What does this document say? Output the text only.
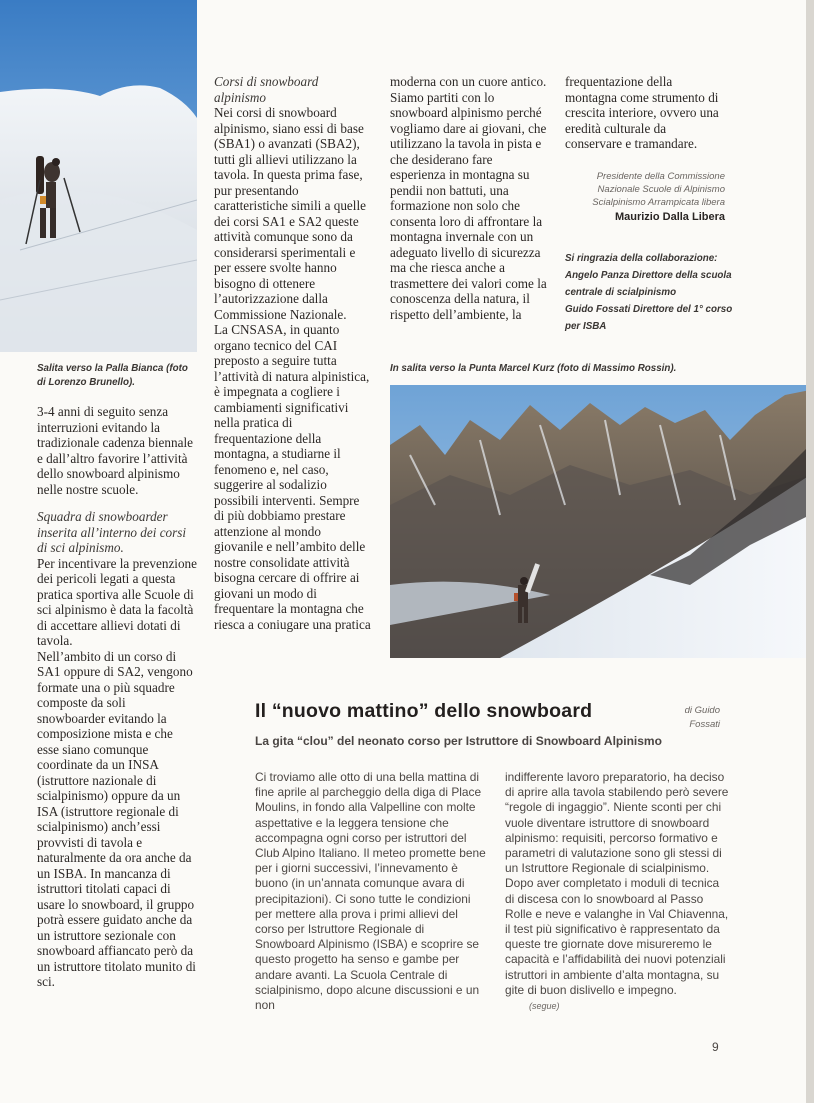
Salita verso la Palla Bianca (foto di Lorenzo Brunello).

3-4 anni di seguito senza interruzioni evitando la tradizionale cadenza biennale e dall’altro favorire l’attività dello snowboard alpinismo nelle nostre scuole.

Squadra di snowboarder inserita all’interno dei corsi di sci alpinismo.
Per incentivare la prevenzione dei pericoli legati a questa pratica sportiva alle Scuole di sci alpinismo è data la facoltà di accettare allievi dotati di tavola.
Nell’ambito di un corso di SA1 oppure di SA2, vengono formate una o più squadre composte da soli snowboarder evitando la composizione mista e che esse siano comunque coordinate da un INSA (istruttore nazionale di scialpinismo) oppure da un ISA (istruttore regionale di scialpinismo) anch’essi provvisti di tavola e naturalmente da ora anche da un ISBA. In mancanza di istruttori titolati capaci di usare lo snowboard, il gruppo potrà essere guidato anche da un istruttore sezionale con snowboard affiancato però da un istruttore titolato munito di sci.
Corsi di snowboard alpinismo
Nei corsi di snowboard alpinismo, siano essi di base (SBA1) o avanzati (SBA2), tutti gli allievi utilizzano la tavola. In questa prima fase, pur presentando caratteristiche simili a quelle dei corsi SA1 e SA2 queste attività comunque sono da considerarsi sperimentali e per essere svolte hanno bisogno di ottenere l’autorizzazione dalla Commissione Nazionale.
La CNSASA, in quanto organo tecnico del CAI preposto a seguire tutta l’attività di natura alpinistica, è impegnata a cogliere i cambiamenti significativi nella pratica di frequentazione della montagna, a studiarne il fenomeno e, nel caso, suggerire al sodalizio possibili interventi. Sempre di più dobbiamo prestare attenzione al mondo giovanile e nell’ambito delle nostre consolidate attività bisogna cercare di offrire ai giovani un modo di frequentare la montagna che riesca a coniugare una pratica
moderna con un cuore antico. Siamo partiti con lo snowboard alpinismo perché vogliamo dare ai giovani, che utilizzano la tavola in pista e che desiderano fare esperienza in montagna su pendii non battuti, una formazione non solo che consenta loro di affrontare la montagna invernale con un adeguato livello di sicurezza ma che riesca anche a trasmettere dei valori come la conoscenza della natura, il rispetto dell’ambiente, la
frequentazione della montagna come strumento di crescita interiore, ovvero una eredità culturale da conservare e tramandare.
Presidente della Commissione Nazionale Scuole di Alpinismo Scialpinismo Arrampicata libera
Maurizio Dalla Libera
Si ringrazia della collaborazione:
Angelo Panza Direttore della scuola centrale di scialpinismo
Guido Fossati Direttore del 1° corso per ISBA
In salita verso la Punta Marcel Kurz (foto di Massimo Rossin).
Il “nuovo mattino” dello snowboard	di Guido Fossati
La gita “clou” del neonato corso per Istruttore di Snowboard Alpinismo
Ci troviamo alle otto di una bella mattina di fine aprile al parcheggio della diga di Place Moulins, in fondo alla Valpelline con molte aspettative e la leggera tensione che accompagna ogni corso per istruttori del Club Alpino Italiano. Il meteo promette bene per i giorni successivi, l’innevamento è buono (in un’annata comunque avara di precipitazioni). Ci sono tutte le condizioni per mettere alla prova i primi allievi del corso per Istruttore Regionale di Snowboard Alpinismo (ISBA) e scoprire se questo progetto ha senso e gambe per andare avanti. La Scuola Centrale di scialpinismo, dopo alcune discussioni e un non
indifferente lavoro preparatorio, ha deciso di aprire alla tavola stabilendo però severe “regole di ingaggio”. Niente sconti per chi vuole diventare istruttore di snowboard alpinismo: requisiti, percorso formativo e parametri di valutazione sono gli stessi di un Istruttore Regionale di scialpinismo. Dopo aver completato i moduli di tecnica di discesa con lo snowboard al Passo Rolle e neve e valanghe in Val Chiavenna, il test più significativo è rappresentato da queste tre giornate dove misureremo le capacità e l’affidabilità dei nuovi potenziali istruttori in ambiente d’alta montagna, su gite di buon dislivello e impegno. (segue)
9
